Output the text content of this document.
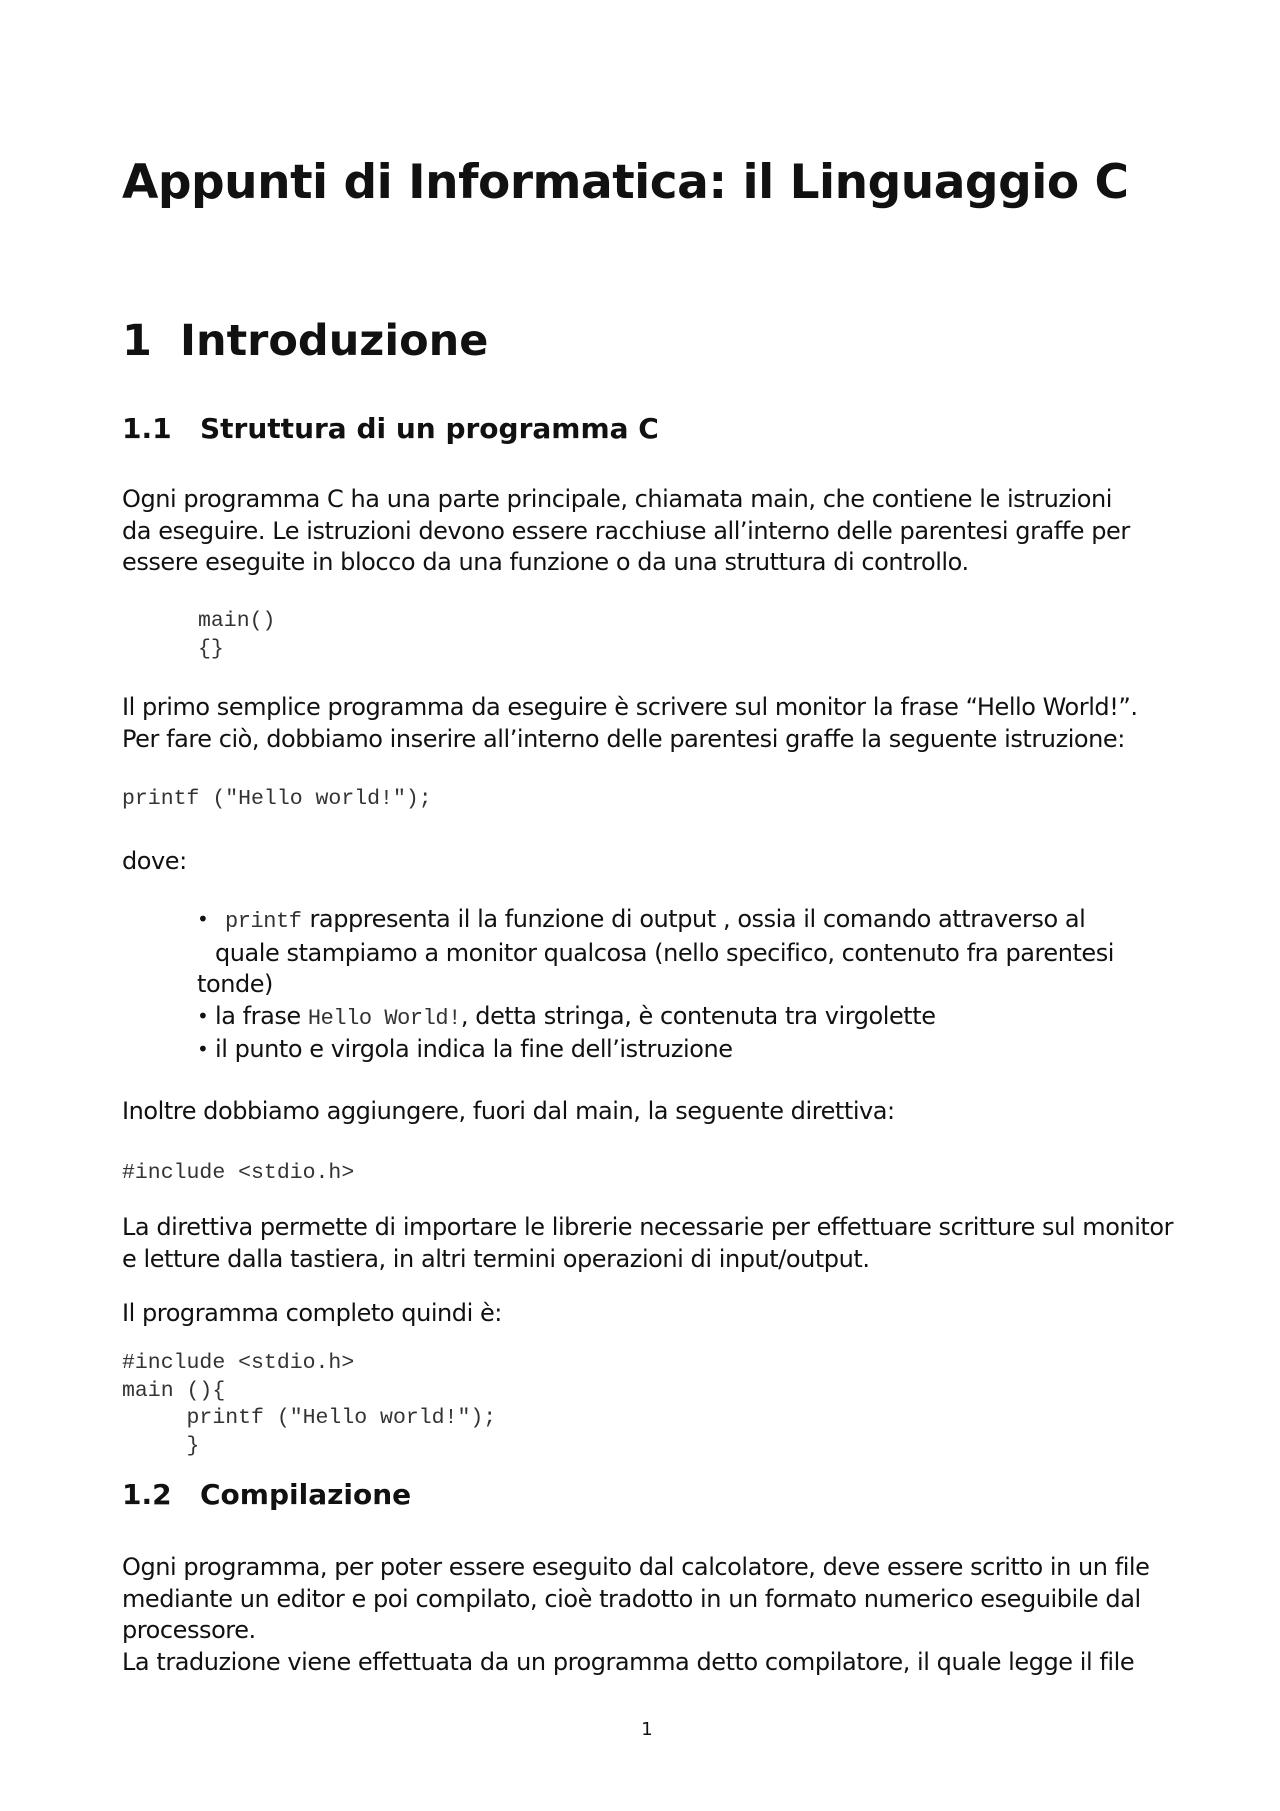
Appunti di Informatica: il Linguaggio C
1 Introduzione
1.1 Struttura di un programma C
Ogni programma C ha una parte principale, chiamata main, che contiene le istruzioni
da eseguire. Le istruzioni devono essere racchiuse all’interno delle parentesi graffe per
essere eseguite in blocco da una funzione o da una struttura di controllo.
main()
{}
Il primo semplice programma da eseguire è scrivere sul monitor la frase “Hello World!”.
Per fare ciò, dobbiamo inserire all’interno delle parentesi graffe la seguente istruzione:
printf ("Hello world!");
dove:
• printf rappresenta il la funzione di output , ossia il comando attraverso al
quale stampiamo a monitor qualcosa (nello specifico, contenuto fra parentesi
tonde)
• la frase Hello World!, detta stringa, è contenuta tra virgolette
• il punto e virgola indica la fine dell’istruzione
Inoltre dobbiamo aggiungere, fuori dal main, la seguente direttiva:
#include <stdio.h>
La direttiva permette di importare le librerie necessarie per effettuare scritture sul monitor
e letture dalla tastiera, in altri termini operazioni di input/output.
Il programma completo quindi è:
#include <stdio.h>
main (){
printf ("Hello world!");
}
1.2 Compilazione
Ogni programma, per poter essere eseguito dal calcolatore, deve essere scritto in un file
mediante un editor e poi compilato, cioè tradotto in un formato numerico eseguibile dal
processore.
La traduzione viene effettuata da un programma detto compilatore, il quale legge il file
1
